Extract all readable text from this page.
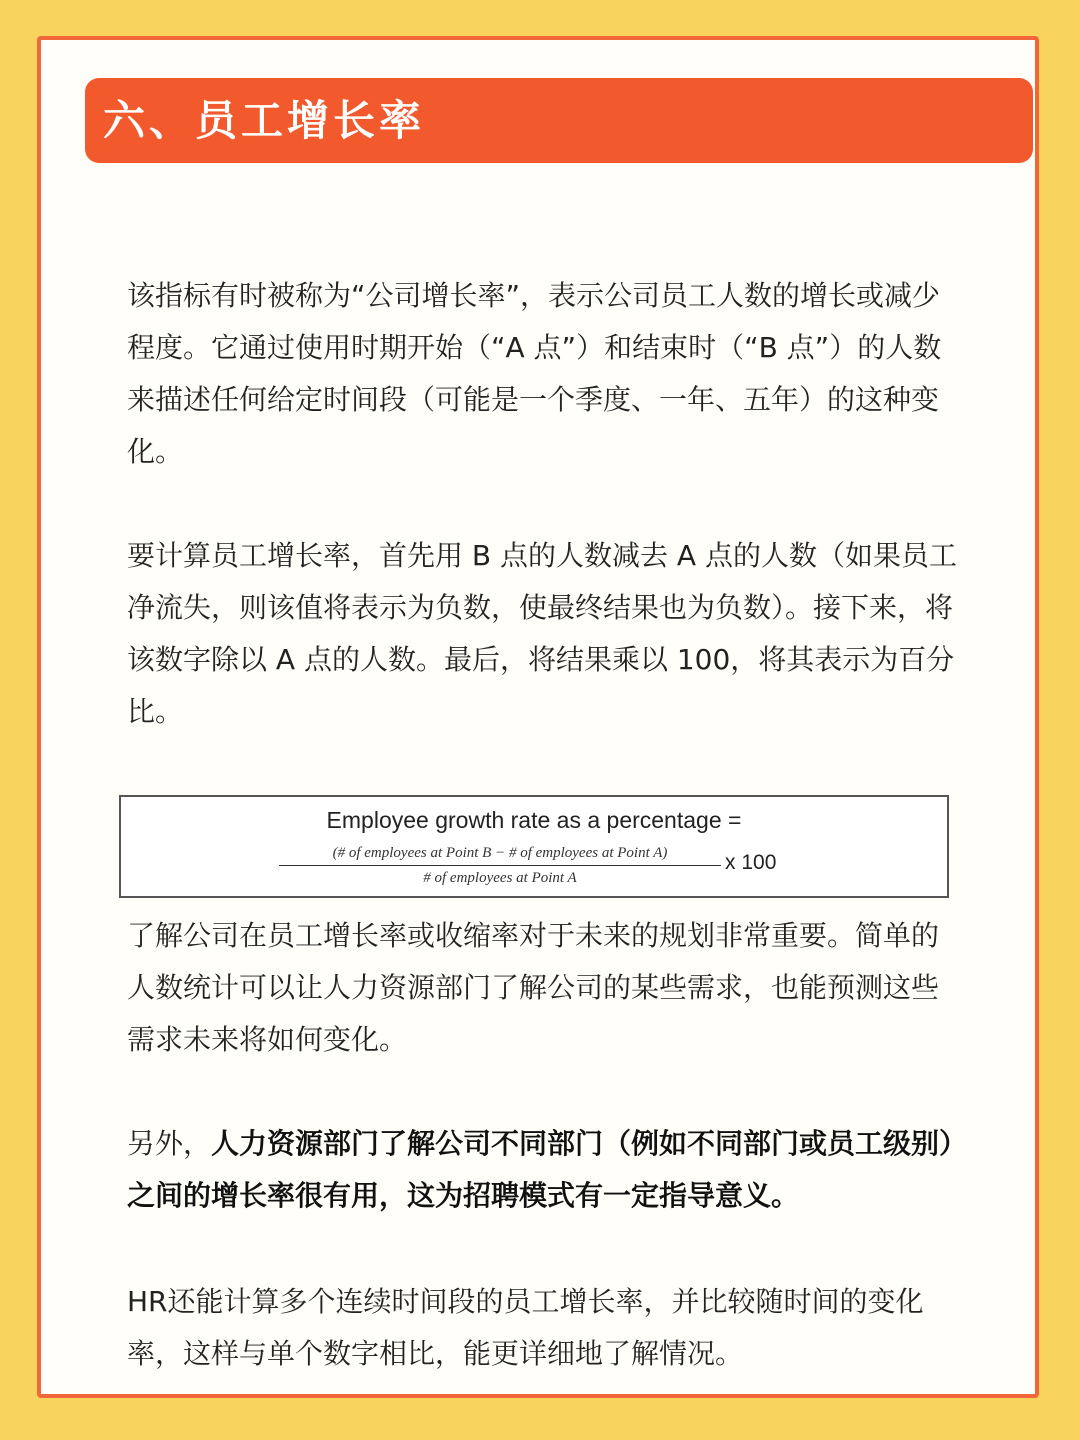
六、员工增长率

该指标有时被称为“公司增长率”，表示公司员工人数的增长或减少程度。它通过使用时期开始（“A 点”）和结束时（“B 点”）的人数来描述任何给定时间段（可能是一个季度、一年、五年）的这种变化。

要计算员工增长率，首先用 B 点的人数减去 A 点的人数（如果员工净流失，则该值将表示为负数，使最终结果也为负数）。接下来，将该数字除以 A 点的人数。最后，将结果乘以 100，将其表示为百分比。

Employee growth rate as a percentage =
(# of employees at Point B − # of employees at Point A)
# of employees at Point A
x 100

了解公司在员工增长率或收缩率对于未来的规划非常重要。简单的人数统计可以让人力资源部门了解公司的某些需求，也能预测这些需求未来将如何变化。

另外，人力资源部门了解公司不同部门（例如不同部门或员工级别）之间的增长率很有用，这为招聘模式有一定指导意义。

HR还能计算多个连续时间段的员工增长率，并比较随时间的变化率，这样与单个数字相比，能更详细地了解情况。
